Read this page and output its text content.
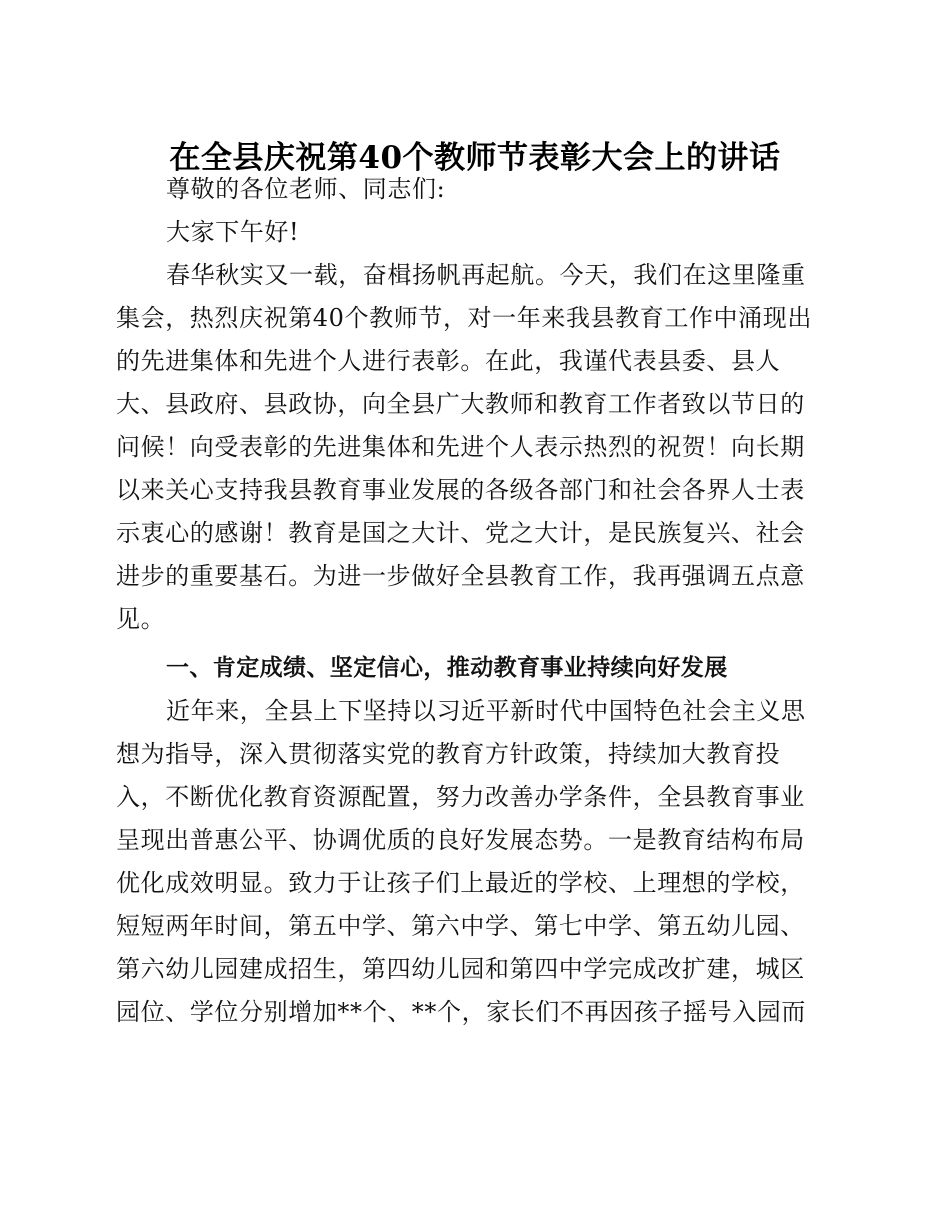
在全县庆祝第40个教师节表彰大会上的讲话
尊敬的各位老师、同志们:
大家下午好!
春华秋实又一载，奋楫扬帆再起航。今天，我们在这里隆重
集会，热烈庆祝第40个教师节，对一年来我县教育工作中涌现出
的先进集体和先进个人进行表彰。在此，我谨代表县委、县人
大、县政府、县政协，向全县广大教师和教育工作者致以节日的
问候！向受表彰的先进集体和先进个人表示热烈的祝贺！向长期
以来关心支持我县教育事业发展的各级各部门和社会各界人士表
示衷心的感谢！教育是国之大计、党之大计，是民族复兴、社会
进步的重要基石。为进一步做好全县教育工作，我再强调五点意
见。
一、肯定成绩、坚定信心，推动教育事业持续向好发展
近年来，全县上下坚持以习近平新时代中国特色社会主义思
想为指导，深入贯彻落实党的教育方针政策，持续加大教育投
入，不断优化教育资源配置，努力改善办学条件，全县教育事业
呈现出普惠公平、协调优质的良好发展态势。一是教育结构布局
优化成效明显。致力于让孩子们上最近的学校、上理想的学校，
短短两年时间，第五中学、第六中学、第七中学、第五幼儿园、
第六幼儿园建成招生，第四幼儿园和第四中学完成改扩建，城区
园位、学位分别增加**个、**个，家长们不再因孩子摇号入园而
